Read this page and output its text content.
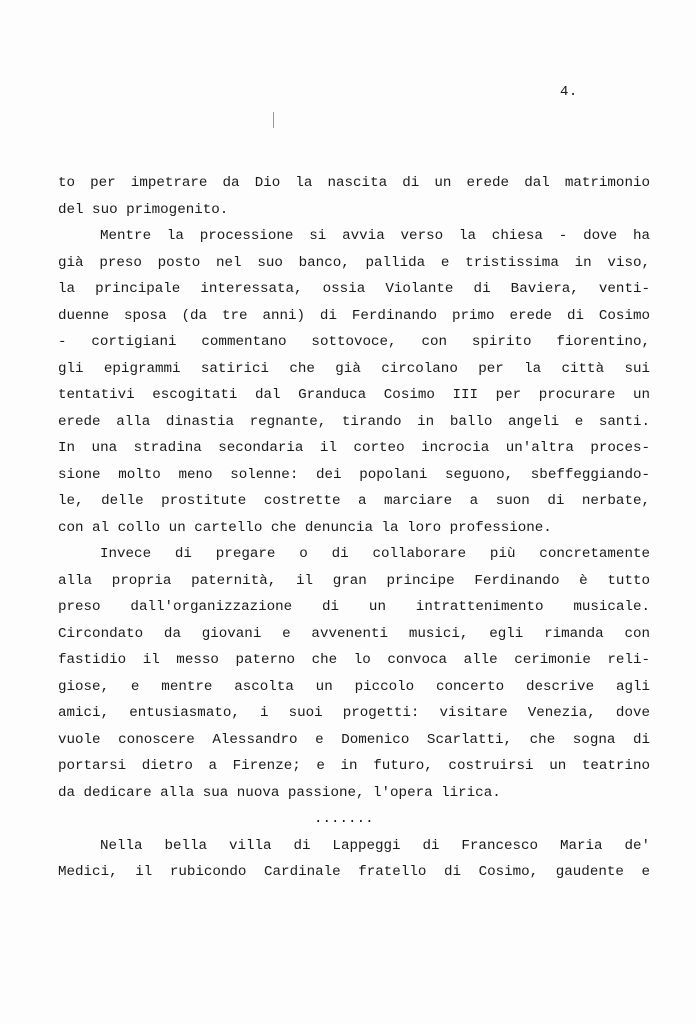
4.
to per impetrare da Dio la nascita di un erede dal matrimonio
del suo primogenito.
Mentre la processione si avvia verso la chiesa - dove ha
già preso posto nel suo banco, pallida e tristissima in viso,
la principale interessata, ossia Violante di Baviera, venti-
duenne sposa (da tre anni) di Ferdinando primo erede di Cosimo
- cortigiani commentano sottovoce, con spirito fiorentino,
gli epigrammi satirici che già circolano per la città sui
tentativi escogitati dal Granduca Cosimo III per procurare un
erede alla dinastia regnante, tirando in ballo angeli e santi.
In una stradina secondaria il corteo incrocia un'altra proces-
sione molto meno solenne: dei popolani seguono, sbeffeggiando-
le, delle prostitute costrette a marciare a suon di nerbate,
con al collo un cartello che denuncia la loro professione.
Invece di pregare o di collaborare più concretamente
alla propria paternità, il gran principe Ferdinando è tutto
preso dall'organizzazione di un intrattenimento musicale.
Circondato da giovani e avvenenti musici, egli rimanda con
fastidio il messo paterno che lo convoca alle cerimonie reli-
giose, e mentre ascolta un piccolo concerto descrive agli
amici, entusiasmato, i suoi progetti: visitare Venezia, dove
vuole conoscere Alessandro e Domenico Scarlatti, che sogna di
portarsi dietro a Firenze; e in futuro, costruirsi un teatrino
da dedicare alla sua nuova passione, l'opera lirica.
.......
Nella bella villa di Lappeggi di Francesco Maria de'
Medici, il rubicondo Cardinale fratello di Cosimo, gaudente e
